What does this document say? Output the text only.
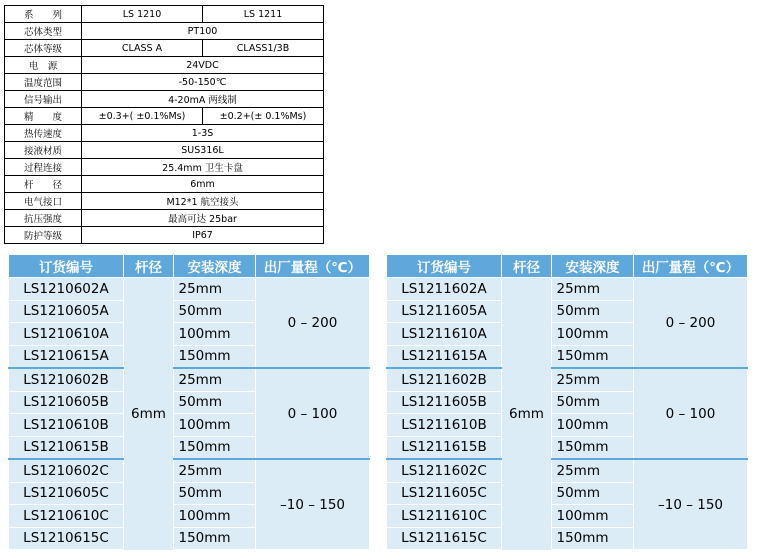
系　　列	LS 1210	LS 1211
芯体类型	PT100	
芯体等级	CLASS A	CLASS1/3B
电　源	24VDC	
温度范围	-50-150℃	
信号输出	4-20mA 两线制	
精　　度	±0.3+( ±0.1%Ms)	±0.2+(± 0.1%Ms)
热传速度	1-3S	
接液材质	SUS316L	
过程连接	25.4mm 卫生卡盘	
杆　　径	6mm	
电气接口	M12*1 航空接头	
抗压强度	最高可达 25bar	
防护等级	IP67	
订货编号	杆径	安装深度	出厂量程（℃）
LS1210602A	6mm	25mm	0 – 200
LS1210605A		50mm	
LS1210610A		100mm	
LS1210615A		150mm	
LS1210602B		25mm	0 – 100
LS1210605B		50mm	
LS1210610B		100mm	
LS1210615B		150mm	
LS1210602C		25mm	–10 – 150
LS1210605C		50mm	
LS1210610C		100mm	
LS1210615C		150mm	
订货编号	杆径	安装深度	出厂量程（℃）
LS1211602A	6mm	25mm	0 – 200
LS1211605A		50mm	
LS1211610A		100mm	
LS1211615A		150mm	
LS1211602B		25mm	0 – 100
LS1211605B		50mm	
LS1211610B		100mm	
LS1211615B		150mm	
LS1211602C		25mm	–10 – 150
LS1211605C		50mm	
LS1211610C		100mm	
LS1211615C		150mm	
